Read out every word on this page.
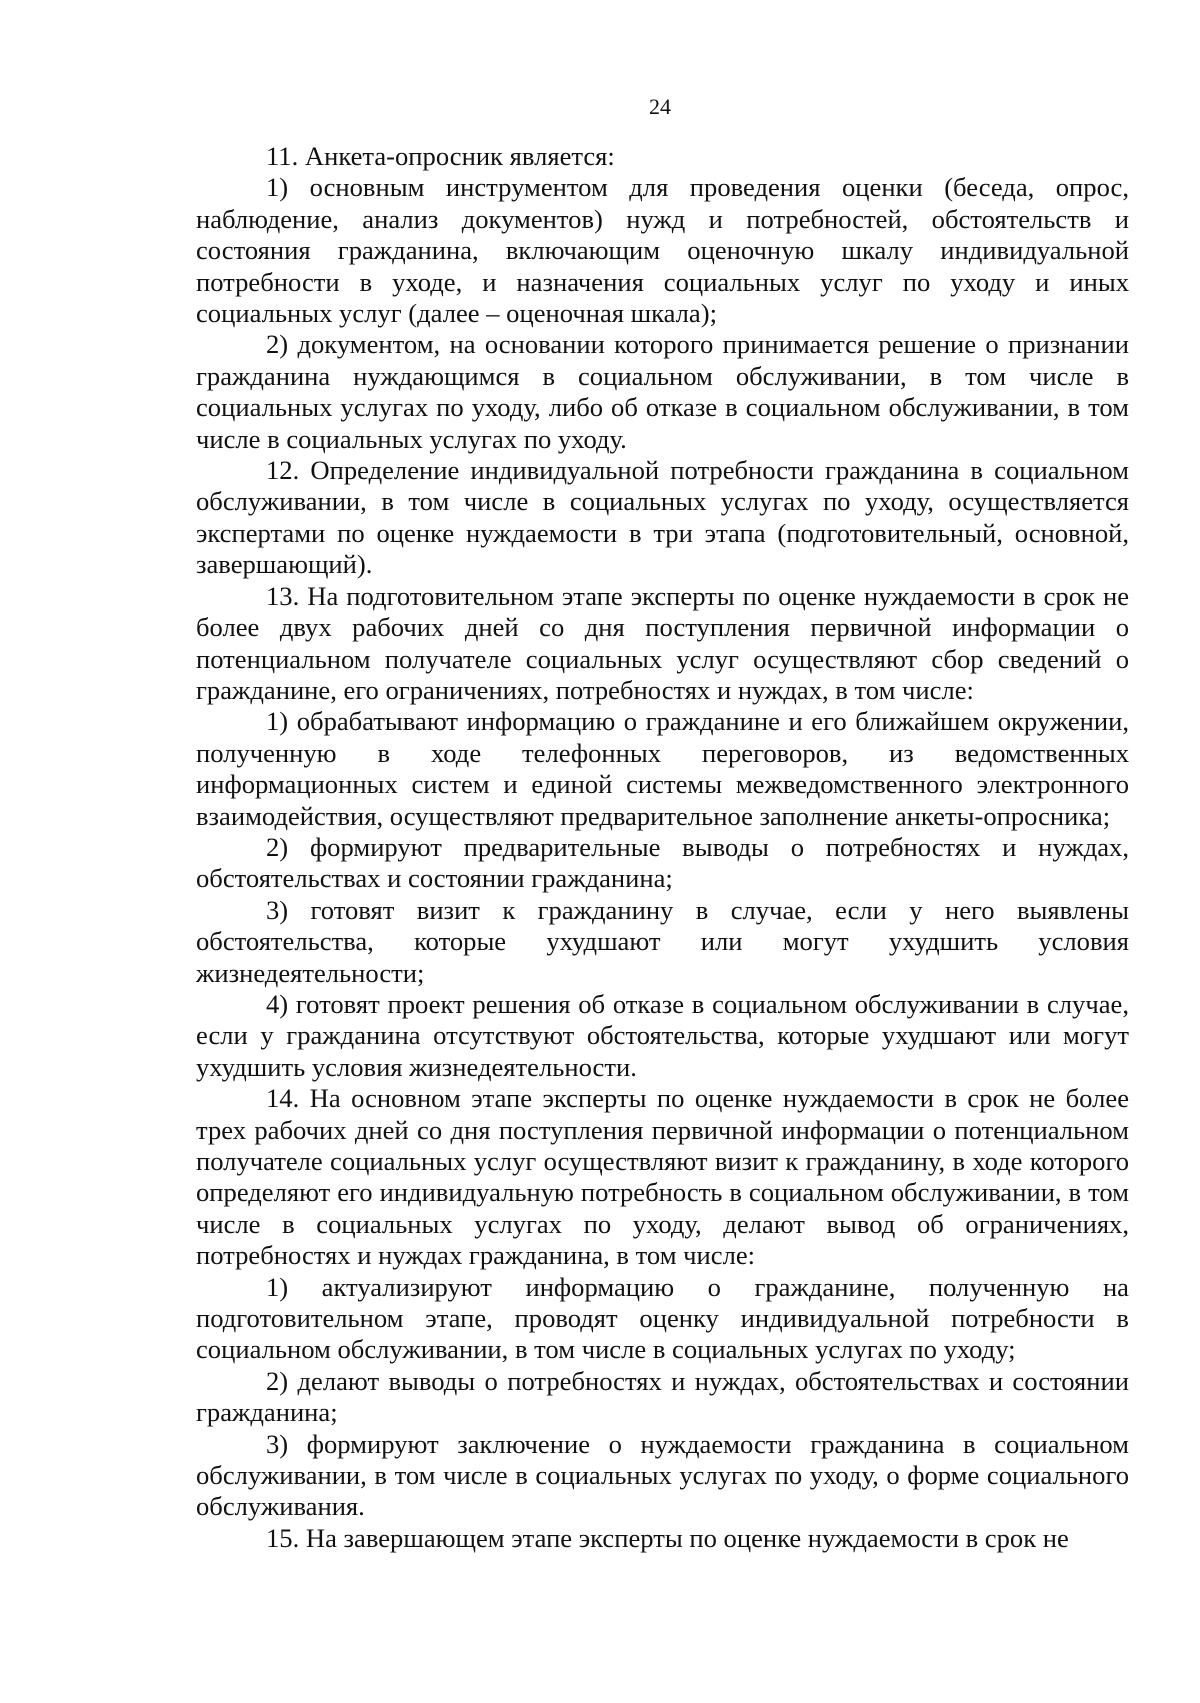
24

11. Анкета-опросник является:

1) основным инструментом для проведения оценки (беседа, опрос, наблюдение, анализ документов) нужд и потребностей, обстоятельств и состояния гражданина, включающим оценочную шкалу индивидуальной потребности в уходе, и назначения социальных услуг по уходу и иных социальных услуг (далее – оценочная шкала);

2) документом, на основании которого принимается решение о признании гражданина нуждающимся в социальном обслуживании, в том числе в социальных услугах по уходу, либо об отказе в социальном обслуживании, в том числе в социальных услугах по уходу.

12. Определение индивидуальной потребности гражданина в социальном обслуживании, в том числе в социальных услугах по уходу, осуществляется экспертами по оценке нуждаемости в три этапа (подготовительный, основной, завершающий).

13. На подготовительном этапе эксперты по оценке нуждаемости в срок не более двух рабочих дней со дня поступления первичной информации о потенциальном получателе социальных услуг осуществляют сбор сведений о гражданине, его ограничениях, потребностях и нуждах, в том числе:

1) обрабатывают информацию о гражданине и его ближайшем окружении, полученную в ходе телефонных переговоров, из ведомственных информационных систем и единой системы межведомственного электронного взаимодействия, осуществляют предварительное заполнение анкеты-опросника;

2) формируют предварительные выводы о потребностях и нуждах, обстоятельствах и состоянии гражданина;

3) готовят визит к гражданину в случае, если у него выявлены обстоятельства, которые ухудшают или могут ухудшить условия жизнедеятельности;

4) готовят проект решения об отказе в социальном обслуживании в случае, если у гражданина отсутствуют обстоятельства, которые ухудшают или могут ухудшить условия жизнедеятельности.

14. На основном этапе эксперты по оценке нуждаемости в срок не более трех рабочих дней со дня поступления первичной информации о потенциальном получателе социальных услуг осуществляют визит к гражданину, в ходе которого определяют его индивидуальную потребность в социальном обслуживании, в том числе в социальных услугах по уходу, делают вывод об ограничениях, потребностях и нуждах гражданина, в том числе:

1) актуализируют информацию о гражданине, полученную на подготовительном этапе, проводят оценку индивидуальной потребности в социальном обслуживании, в том числе в социальных услугах по уходу;

2) делают выводы о потребностях и нуждах, обстоятельствах и состоянии гражданина;

3) формируют заключение о нуждаемости гражданина в социальном обслуживании, в том числе в социальных услугах по уходу, о форме социального обслуживания.

15. На завершающем этапе эксперты по оценке нуждаемости в срок не
